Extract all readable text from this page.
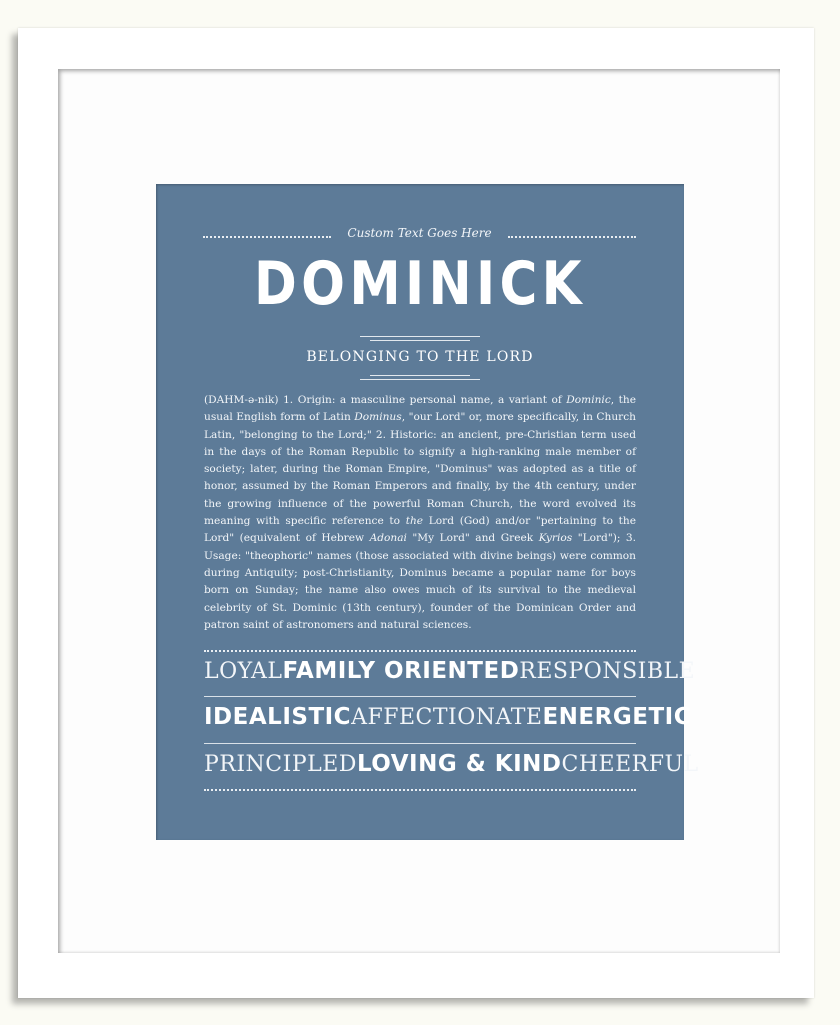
Custom Text Goes Here
DOMINICK
BELONGING TO THE LORD
(DAHM-ə-nik) 1. Origin: a masculine personal name, a variant of Dominic, the usual English form of Latin Dominus, "our Lord" or, more specifically, in Church Latin, "belonging to the Lord;" 2. Historic: an ancient, pre-Christian term used in the days of the Roman Republic to signify a high-ranking male member of society; later, during the Roman Empire, "Dominus" was adopted as a title of honor, assumed by the Roman Emperors and finally, by the 4th century, under the growing influence of the powerful Roman Church, the word evolved its meaning with specific reference to the Lord (God) and/or "pertaining to the Lord" (equivalent of Hebrew Adonai "My Lord" and Greek Kyrios "Lord"); 3. Usage: "theophoric" names (those associated with divine beings) were common during Antiquity; post-Christianity, Dominus became a popular name for boys born on Sunday; the name also owes much of its survival to the medieval celebrity of St. Dominic (13th century), founder of the Dominican Order and patron saint of astronomers and natural sciences.
LOYAL FAMILY ORIENTED RESPONSIBLE
IDEALISTIC AFFECTIONATE ENERGETIC
PRINCIPLED LOVING & KIND CHEERFUL
